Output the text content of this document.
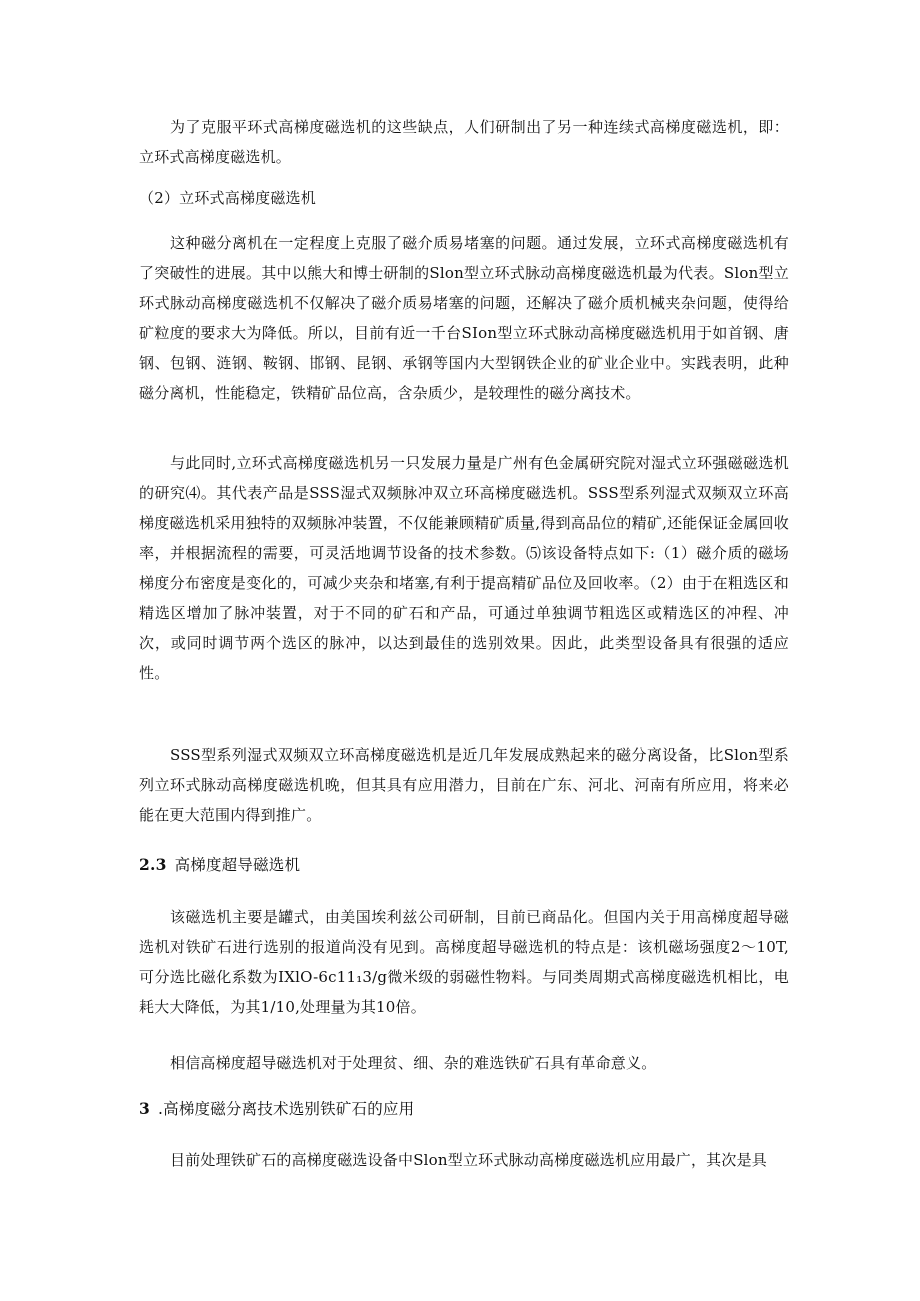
为了克服平环式高梯度磁选机的这些缺点，人们研制出了另一种连续式高梯度磁选机，即：立环式高梯度磁选机。

（2）立环式高梯度磁选机

这种磁分离机在一定程度上克服了磁介质易堵塞的问题。通过发展，立环式高梯度磁选机有了突破性的进展。其中以熊大和博士研制的Slon型立环式脉动高梯度磁选机最为代表。Slon型立环式脉动高梯度磁选机不仅解决了磁介质易堵塞的问题，还解决了磁介质机械夹杂问题，使得给矿粒度的要求大为降低。所以，目前有近一千台SIon型立环式脉动高梯度磁选机用于如首钢、唐钢、包钢、涟钢、鞍钢、邯钢、昆钢、承钢等国内大型钢铁企业的矿业企业中。实践表明，此种磁分离机，性能稳定，铁精矿品位高，含杂质少，是较理性的磁分离技术。

与此同时,立环式高梯度磁选机另一只发展力量是广州有色金属研究院对湿式立环强磁磁选机的研究⑷。其代表产品是SSS湿式双频脉冲双立环高梯度磁选机。SSS型系列湿式双频双立环高梯度磁选机采用独特的双频脉冲装置，不仅能兼顾精矿质量,得到高品位的精矿,还能保证金属回收率，并根据流程的需要，可灵活地调节设备的技术参数。⑸该设备特点如下:（1）磁介质的磁场梯度分布密度是变化的，可减少夹杂和堵塞,有利于提高精矿品位及回收率。（2）由于在粗选区和精选区增加了脉冲装置，对于不同的矿石和产品，可通过单独调节粗选区或精选区的冲程、冲次，或同时调节两个选区的脉冲，以达到最佳的选别效果。因此，此类型设备具有很强的适应性。

SSS型系列湿式双频双立环高梯度磁选机是近几年发展成熟起来的磁分离设备，比Slon型系列立环式脉动高梯度磁选机晚，但其具有应用潜力，目前在广东、河北、河南有所应用，将来必能在更大范围内得到推广。

2.3 高梯度超导磁选机

该磁选机主要是罐式，由美国埃利兹公司研制，目前已商品化。但国内关于用高梯度超导磁选机对铁矿石进行选别的报道尚没有见到。高梯度超导磁选机的特点是：该机磁场强度2～10T,可分选比磁化系数为IXlO-6c11₁3/g微米级的弱磁性物料。与同类周期式高梯度磁选机相比，电耗大大降低，为其1/10,处理量为其10倍。

相信高梯度超导磁选机对于处理贫、细、杂的难选铁矿石具有革命意义。

3 .高梯度磁分离技术选别铁矿石的应用

目前处理铁矿石的高梯度磁选设备中Slon型立环式脉动高梯度磁选机应用最广，其次是具
